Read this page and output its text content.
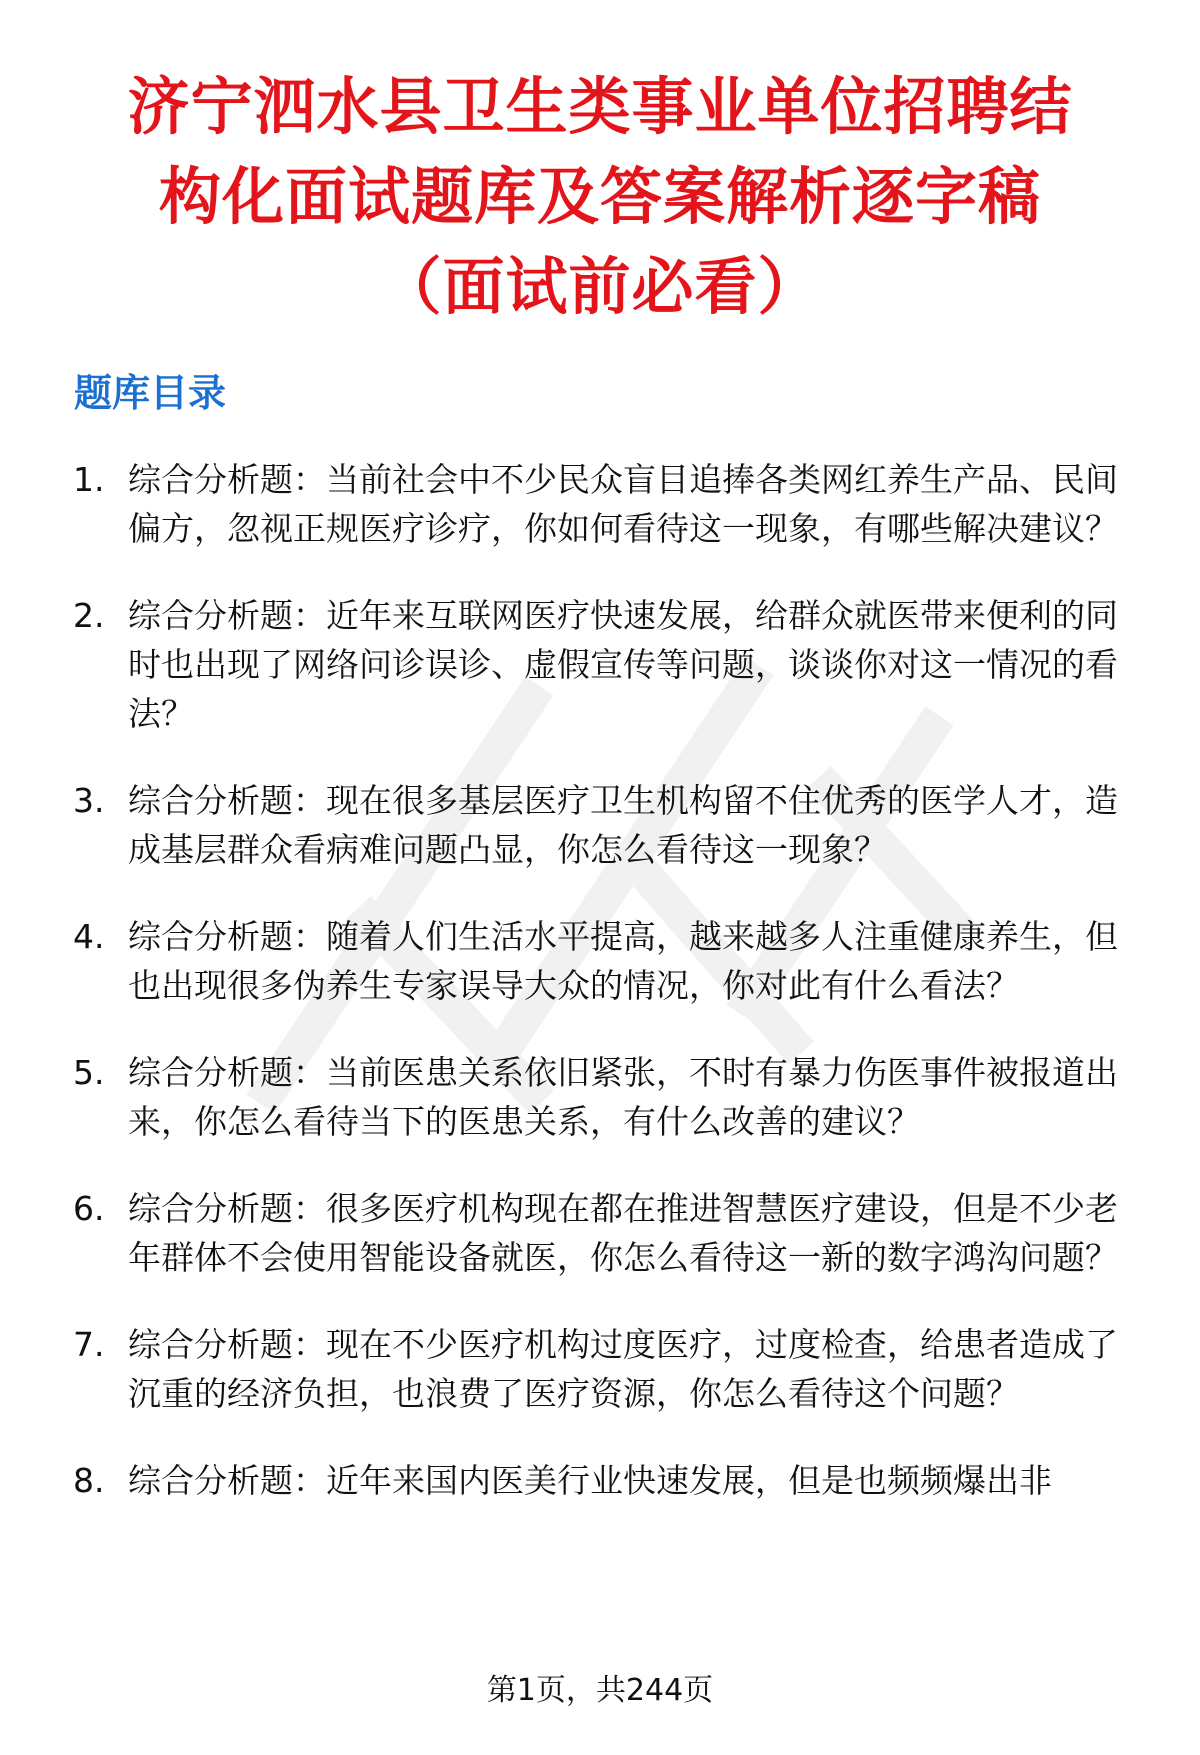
济宁泗水县卫生类事业单位招聘结
构化面试题库及答案解析逐字稿
（面试前必看）
题库目录
1. 综合分析题：当前社会中不少民众盲目追捧各类网红养生产品、民间偏方，忽视正规医疗诊疗，你如何看待这一现象，有哪些解决建议？
2. 综合分析题：近年来互联网医疗快速发展，给群众就医带来便利的同时也出现了网络问诊误诊、虚假宣传等问题，谈谈你对这一情况的看法？
3. 综合分析题：现在很多基层医疗卫生机构留不住优秀的医学人才，造成基层群众看病难问题凸显，你怎么看待这一现象？
4. 综合分析题：随着人们生活水平提高，越来越多人注重健康养生，但也出现很多伪养生专家误导大众的情况，你对此有什么看法？
5. 综合分析题：当前医患关系依旧紧张，不时有暴力伤医事件被报道出来，你怎么看待当下的医患关系，有什么改善的建议？
6. 综合分析题：很多医疗机构现在都在推进智慧医疗建设，但是不少老年群体不会使用智能设备就医，你怎么看待这一新的数字鸿沟问题？
7. 综合分析题：现在不少医疗机构过度医疗，过度检查，给患者造成了沉重的经济负担，也浪费了医疗资源，你怎么看待这个问题？
8. 综合分析题：近年来国内医美行业快速发展，但是也频频爆出非
第1页，共244页
